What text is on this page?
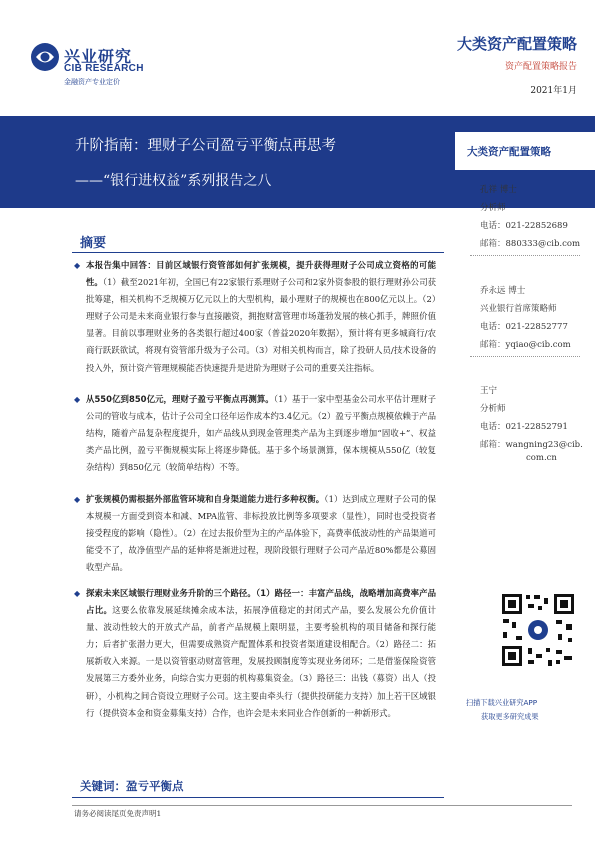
兴业研究
CIB RESEARCH
金融资产专业定价
大类资产配置策略
资产配置策略报告
2021年1月
升阶指南：理财子公司盈亏平衡点再思考
——“银行进权益”系列报告之八
大类资产配置策略
孔祥 博士
分析师
电话：021-22852689
邮箱：880333@cib.com
乔永远 博士
兴业银行首席策略师
电话：021-22852777
邮箱：yqiao@cib.com
王宁
分析师
电话：021-22852791
邮箱：wangning23@cib.
com.cn
摘要
◆ 本报告集中回答：目前区域银行资管部如何扩张规模，提升获得理财子公司成立资格的可能性。（1）截至2021年初，全国已有22家银行系理财子公司和2家外资参股的银行理财孙公司获批筹建，相关机构不乏规模万亿元以上的大型机构，最小理财子的规模也在800亿元以上。（2）理财子公司是未来商业银行参与直接融资，拥抱财富管理市场蓬勃发展的核心抓手，牌照价值显著。目前以事理财业务的各类银行超过400家（普益2020年数据），预计将有更多城商行/农商行跃跃欲试，将现有资管部升级为子公司。（3）对相关机构而言，除了投研人员/技术设备的投入外，预计资产管理规模能否快速提升是进阶为理财子公司的重要关注指标。
◆ 从550亿到850亿元，理财子盈亏平衡点再测算。（1）基于一家中型基金公司水平估计理财子公司的管收与成本，估计子公司全口径年运作成本约3.4亿元。（2）盈亏平衡点规模依赖于产品结构，随着产品复杂程度提升，如产品线从到现金管理类产品为主到逐步增加“固收+”、权益类产品比例，盈亏平衡规模实际上将逐步降低。基于多个场景测算，保本规模从550亿（较复杂结构）到850亿元（较简单结构）不等。
◆ 扩张规模仍需根据外部监管环境和自身渠道能力进行多种权衡。（1）达到成立理财子公司的保本规模一方面受到资本和减、MPA监管、非标投放比例等多项要求（显性），同时也受投资者接受程度的影响（隐性）。（2）在过去报价型为主的产品体验下，高费率低波动性的产品渠道可能受不了，故净值型产品的延伸将是渐进过程，现阶段银行理财子公司产品近80%都是公募固收型产品。
◆ 探索未来区域银行理财业务升阶的三个路径。（1）路径一：丰富产品线，战略增加高费率产品占比。这要么依靠发展延续摊余成本法，拓展净值稳定的封闭式产品，要么发展公允价值计量、波动性较大的开放式产品，前者产品规模上限明显，主要考验机构的项目储备和探行能力；后者扩张潜力更大，但需要成熟资产配置体系和投资者渠道建设相配合。（2）路径二：拓展新收入来源。一是以资管驱动财富管理，发展投顾制度等实现业务闭环；二是借鉴保险资管发展第三方委外业务，向综合实力更弱的机构募集资金。（3）路径三：出钱（募资）出人（投研），小机构之间合资设立理财子公司。这主要由牵头行（提供投研能力支持）加上若干区域银行（提供资本金和资金募集支持）合作，也许会是未来同业合作创新的一种新形式。
扫描下载兴业研究APP
获取更多研究成果
关键词：盈亏平衡点
请务必阅读尾页免责声明1
